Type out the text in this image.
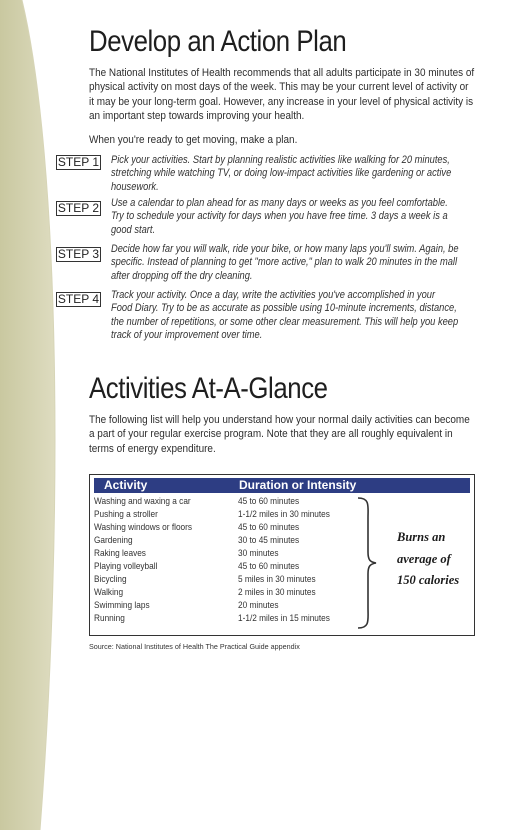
Develop an Action Plan

The National Institutes of Health recommends that all adults participate in 30 minutes of physical activity on most days of the week. This may be your current level of activity or it may be your long-term goal. However, any increase in your level of physical activity is an important step towards improving your health.

When you're ready to get moving, make a plan.

STEP 1 Pick your activities. Start by planning realistic activities like walking for 20 minutes, stretching while watching TV, or doing low-impact activities like gardening or active housework.

STEP 2 Use a calendar to plan ahead for as many days or weeks as you feel comfortable. Try to schedule your activity for days when you have free time. 3 days a week is a good start.

STEP 3 Decide how far you will walk, ride your bike, or how many laps you'll swim. Again, be specific. Instead of planning to get "more active," plan to walk 20 minutes in the mall after dropping off the dry cleaning.

STEP 4 Track your activity. Once a day, write the activities you've accomplished in your Food Diary. Try to be as accurate as possible using 10-minute increments, distance, the number of repetitions, or some other clear measurement. This will help you keep track of your improvement over time.

Activities At-A-Glance

The following list will help you understand how your normal daily activities can become a part of your regular exercise program. Note that they are all roughly equivalent in terms of energy expenditure.

Activity	Duration or Intensity
Washing and waxing a car	45 to 60 minutes
Pushing a stroller	1-1/2 miles in 30 minutes
Washing windows or floors	45 to 60 minutes
Gardening	30 to 45 minutes
Raking leaves	30 minutes
Playing volleyball	45 to 60 minutes
Bicycling	5 miles in 30 minutes
Walking	2 miles in 30 minutes
Swimming laps	20 minutes
Running	1-1/2 miles in 15 minutes
Burns an
average of
150 calories
Source: National Institutes of Health The Practical Guide appendix
